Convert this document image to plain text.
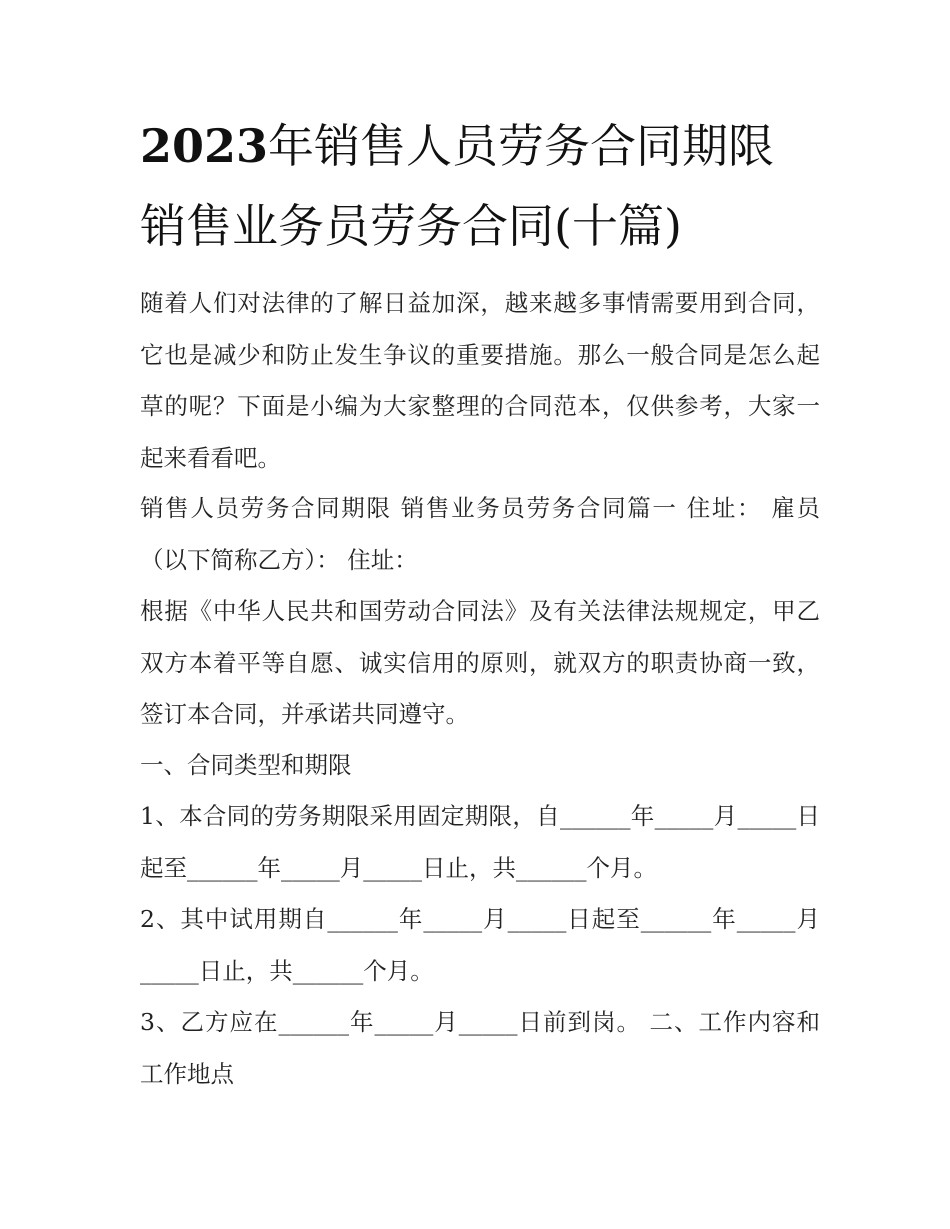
2023年销售人员劳务合同期限
销售业务员劳务合同(十篇)
随着人们对法律的了解日益加深，越来越多事情需要用到合同，它也是减少和防止发生争议的重要措施。那么一般合同是怎么起草的呢？下面是小编为大家整理的合同范本，仅供参考，大家一起来看看吧。
销售人员劳务合同期限 销售业务员劳务合同篇一 住址： 雇员（以下简称乙方）： 住址：
根据《中华人民共和国劳动合同法》及有关法律法规规定，甲乙双方本着平等自愿、诚实信用的原则，就双方的职责协商一致，签订本合同，并承诺共同遵守。
一、合同类型和期限
1、本合同的劳务期限采用固定期限，自______年_____月_____日起至______年_____月_____日止，共______个月。
2、其中试用期自______年_____月_____日起至______年_____月_____日止，共______个月。
3、乙方应在______年_____月_____日前到岗。 二、工作内容和工作地点
